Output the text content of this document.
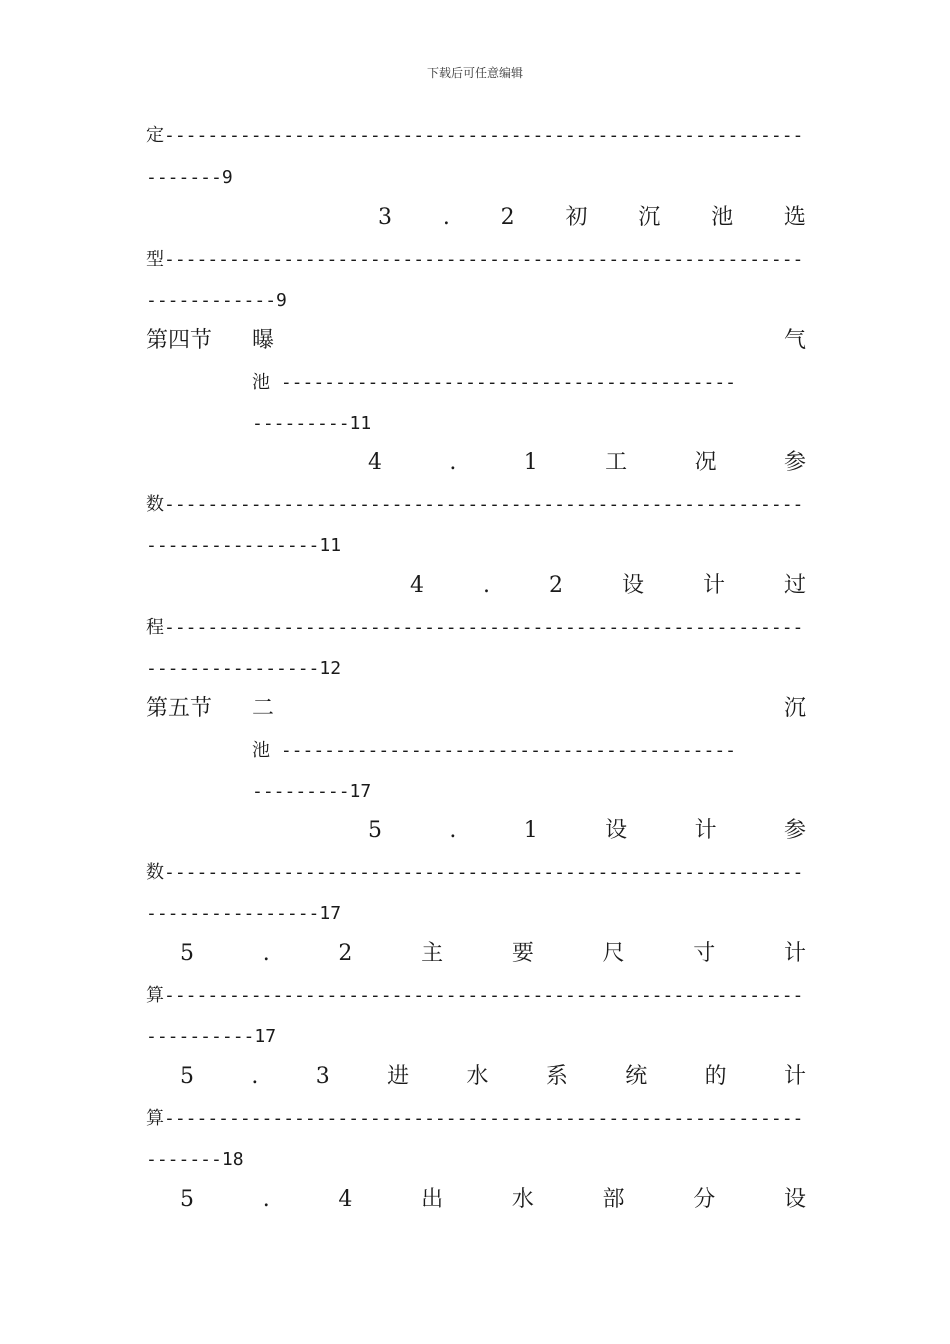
下载后可任意编辑
定-----------------------------------------------------------
-------9
3 . 2 初 沉 池 选
型-----------------------------------------------------------
------------9
第四节	曝	气
池 ------------------------------------------
---------11
4	.	1	工	况	参
数-----------------------------------------------------------
----------------11
4	.	2	设	计	过
程-----------------------------------------------------------
----------------12
第五节	二	沉
池 ------------------------------------------
---------17
5	.	1	设	计	参
数-----------------------------------------------------------
----------------17
5	.	2	主	要	尺	寸	计
算-----------------------------------------------------------
----------17
5	.	3	进	水	系	统	的	计
算-----------------------------------------------------------
-------18
5	.	4	出	水	部	分	设
